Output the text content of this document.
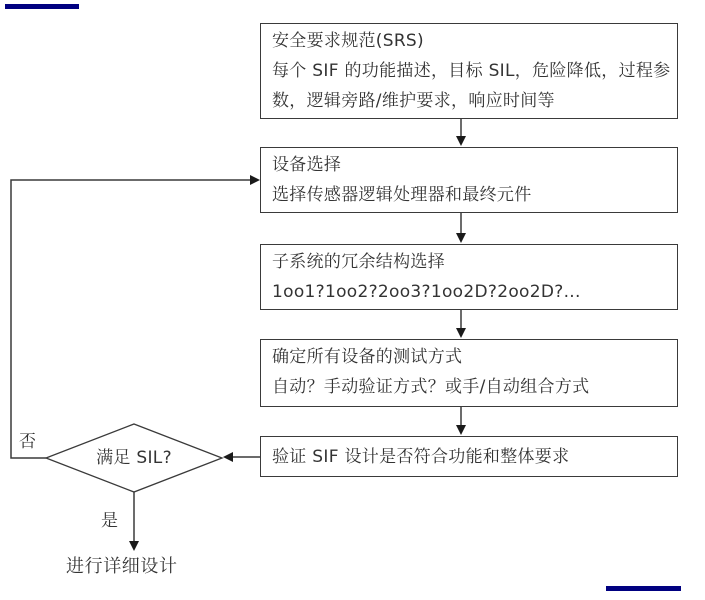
安全要求规范(SRS)
每个 SIF 的功能描述，目标 SIL，危险降低，过程参
数，逻辑旁路/维护要求，响应时间等
设备选择
选择传感器逻辑处理器和最终元件
子系统的冗余结构选择
1oo1?1oo2?2oo3?1oo2D?2oo2D?...
确定所有设备的测试方式
自动？手动验证方式？或手/自动组合方式
验证 SIF 设计是否符合功能和整体要求
满足 SIL?
否
是
进行详细设计
